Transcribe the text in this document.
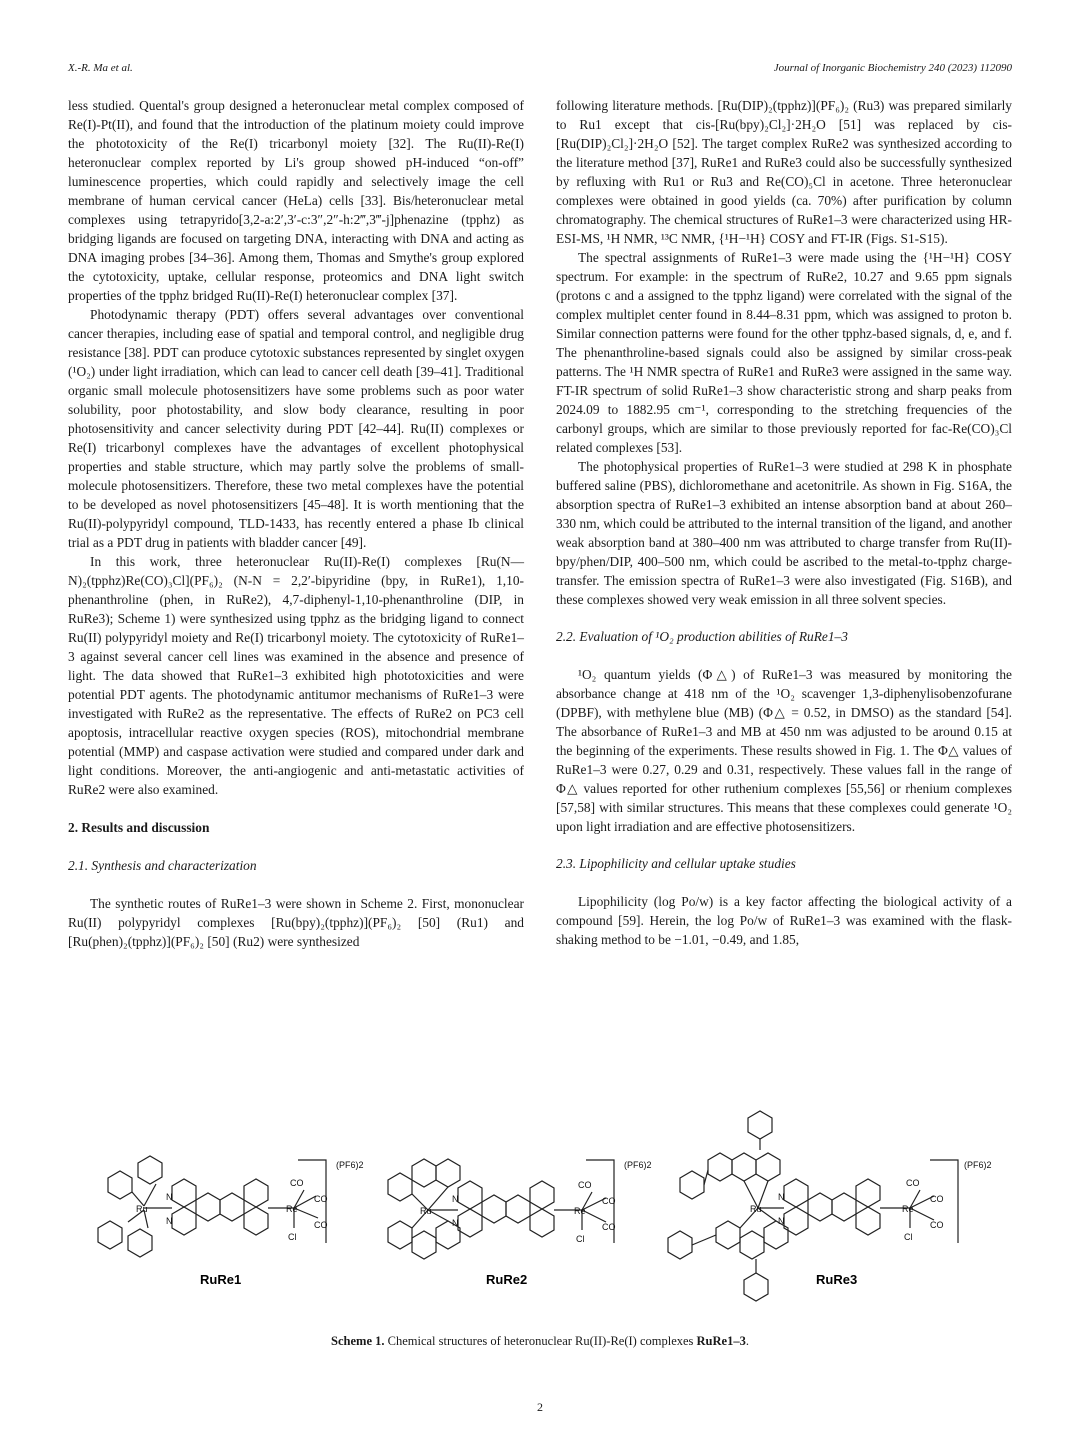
X.-R. Ma et al.	Journal of Inorganic Biochemistry 240 (2023) 112090

less studied. Quental's group designed a heteronuclear metal complex composed of Re(I)-Pt(II), and found that the introduction of the platinum moiety could improve the phototoxicity of the Re(I) tricarbonyl moiety [32]. The Ru(II)-Re(I) heteronuclear complex reported by Li's group showed pH-induced “on-off” luminescence properties, which could rapidly and selectively image the cell membrane of human cervical cancer (HeLa) cells [33]. Bis/heteronuclear metal complexes using tetrapyrido[3,2-a:2′,3′-c:3″,2″-h:2‴,3‴-j]phenazine (tpphz) as bridging ligands are focused on targeting DNA, interacting with DNA and acting as DNA imaging probes [34–36]. Among them, Thomas and Smythe's group explored the cytotoxicity, uptake, cellular response, proteomics and DNA light switch properties of the tpphz bridged Ru(II)-Re(I) heteronuclear complex [37].

Photodynamic therapy (PDT) offers several advantages over conventional cancer therapies, including ease of spatial and temporal control, and negligible drug resistance [38]. PDT can produce cytotoxic substances represented by singlet oxygen (¹O₂) under light irradiation, which can lead to cancer cell death [39–41]. Traditional organic small molecule photosensitizers have some problems such as poor water solubility, poor photostability, and slow body clearance, resulting in poor photosensitivity and cancer selectivity during PDT [42–44]. Ru(II) complexes or Re(I) tricarbonyl complexes have the advantages of excellent photophysical properties and stable structure, which may partly solve the problems of small-molecule photosensitizers. Therefore, these two metal complexes have the potential to be developed as novel photosensitizers [45–48]. It is worth mentioning that the Ru(II)-polypyridyl compound, TLD-1433, has recently entered a phase Ib clinical trial as a PDT drug in patients with bladder cancer [49].

In this work, three heteronuclear Ru(II)-Re(I) complexes [Ru(N—N)₂(tpphz)Re(CO)₃Cl](PF₆)₂ (N-N = 2,2′-bipyridine (bpy, in RuRe1), 1,10-phenanthroline (phen, in RuRe2), 4,7-diphenyl-1,10-phenanthroline (DIP, in RuRe3); Scheme 1) were synthesized using tpphz as the bridging ligand to connect Ru(II) polypyridyl moiety and Re(I) tricarbonyl moiety. The cytotoxicity of RuRe1–3 against several cancer cell lines was examined in the absence and presence of light. The data showed that RuRe1–3 exhibited high phototoxicities and were potential PDT agents. The photodynamic antitumor mechanisms of RuRe1–3 were investigated with RuRe2 as the representative. The effects of RuRe2 on PC3 cell apoptosis, intracellular reactive oxygen species (ROS), mitochondrial membrane potential (MMP) and caspase activation were studied and compared under dark and light conditions. Moreover, the anti-angiogenic and anti-metastatic activities of RuRe2 were also examined.

2. Results and discussion

2.1. Synthesis and characterization

The synthetic routes of RuRe1–3 were shown in Scheme 2. First, mononuclear Ru(II) polypyridyl complexes [Ru(bpy)₂(tpphz)](PF₆)₂ [50] (Ru1) and [Ru(phen)₂(tpphz)](PF₆)₂ [50] (Ru2) were synthesized

following literature methods. [Ru(DIP)₂(tpphz)](PF₆)₂ (Ru3) was prepared similarly to Ru1 except that cis-[Ru(bpy)₂Cl₂]·2H₂O [51] was replaced by cis-[Ru(DIP)₂Cl₂]·2H₂O [52]. The target complex RuRe2 was synthesized according to the literature method [37], RuRe1 and RuRe3 could also be successfully synthesized by refluxing with Ru1 or Ru3 and Re(CO)₅Cl in acetone. Three heteronuclear complexes were obtained in good yields (ca. 70%) after purification by column chromatography. The chemical structures of RuRe1–3 were characterized using HR-ESI-MS, ¹H NMR, ¹³C NMR, {¹H−¹H} COSY and FT-IR (Figs. S1-S15).

The spectral assignments of RuRe1–3 were made using the {¹H−¹H} COSY spectrum. For example: in the spectrum of RuRe2, 10.27 and 9.65 ppm signals (protons c and a assigned to the tpphz ligand) were correlated with the signal of the complex multiplet center found in 8.44–8.31 ppm, which was assigned to proton b. Similar connection patterns were found for the other tpphz-based signals, d, e, and f. The phenanthroline-based signals could also be assigned by similar cross-peak patterns. The ¹H NMR spectra of RuRe1 and RuRe3 were assigned in the same way. FT-IR spectrum of solid RuRe1–3 show characteristic strong and sharp peaks from 2024.09 to 1882.95 cm⁻¹, corresponding to the stretching frequencies of the carbonyl groups, which are similar to those previously reported for fac-Re(CO)₃Cl related complexes [53].

The photophysical properties of RuRe1–3 were studied at 298 K in phosphate buffered saline (PBS), dichloromethane and acetonitrile. As shown in Fig. S16A, the absorption spectra of RuRe1–3 exhibited an intense absorption band at about 260–330 nm, which could be attributed to the internal transition of the ligand, and another weak absorption band at 380–400 nm was attributed to charge transfer from Ru(II)-bpy/phen/DIP, 400–500 nm, which could be ascribed to the metal-to-tpphz charge-transfer. The emission spectra of RuRe1–3 were also investigated (Fig. S16B), and these complexes showed very weak emission in all three solvent species.

2.2. Evaluation of ¹O₂ production abilities of RuRe1–3

¹O₂ quantum yields (Φ△) of RuRe1–3 was measured by monitoring the absorbance change at 418 nm of the ¹O₂ scavenger 1,3-diphenylisobenzofurane (DPBF), with methylene blue (MB) (Φ△ = 0.52, in DMSO) as the standard [54]. The absorbance of RuRe1–3 and MB at 450 nm was adjusted to be around 0.15 at the beginning of the experiments. These results showed in Fig. 1. The Φ△ values of RuRe1–3 were 0.27, 0.29 and 0.31, respectively. These values fall in the range of Φ△ values reported for other ruthenium complexes [55,56] or rhenium complexes [57,58] with similar structures. This means that these complexes could generate ¹O₂ upon light irradiation and are effective photosensitizers.

2.3. Lipophilicity and cellular uptake studies

Lipophilicity (log Po/w) is a key factor affecting the biological activity of a compound [59]. Herein, the log Po/w of RuRe1–3 was examined with the flask-shaking method to be −1.01, −0.49, and 1.85,

(PF6)2	(PF6)2	(PF6)2
Ru	Ru	Ru
Re	Re	Re
CO
CO
CO
Cl
CO
CO
CO
Cl
CO
CO
CO
Cl
N
N
N
N
N
N
RuRe1	RuRe2	RuRe3
Scheme 1. Chemical structures of heteronuclear Ru(II)-Re(I) complexes RuRe1–3.
2
